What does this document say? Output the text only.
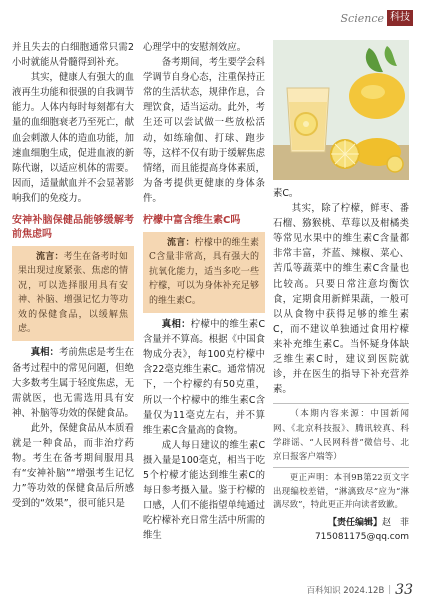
Science 科技

并且失去的白细胞通常只需2小时就能从骨髓得到补充。

其实，健康人有强大的血液再生功能和很强的自我调节能力。人体内每时每刻都有大量的血细胞衰老乃至死亡，献血会刺激人体的造血功能，加速血细胞生成，促进血液的新陈代谢，以适应机体的需要。因而，适量献血并不会显著影响我们的免疫力。

安神补脑保健品能够缓解考前焦虑吗

流言：考生在备考时如果出现过度紧张、焦虑的情况，可以选择服用具有安神、补脑、增强记忆力等功效的保健食品，以缓解焦虑。

真相：考前焦虑是考生在备考过程中的常见问题，但绝大多数考生属于轻度焦虑，无需就医，也无需选用具有安神、补脑等功效的保健食品。

此外，保健食品从本质看就是一种食品，而非治疗药物。考生在备考期间服用具有“安神补脑”“增强考生记忆力”等功效的保健食品后所感受到的“效果”，很可能只是

心理学中的安慰剂效应。

备考期间，考生要学会科学调节自身心态，注重保持正常的生活状态，规律作息，合理饮食，适当运动。此外，考生还可以尝试做一些放松活动，如练瑜伽、打球、跑步等，这样不仅有助于缓解焦虑情绪，而且能提高身体素质，为备考提供更健康的身体条件。

柠檬中富含维生素C吗

流言：柠檬中的维生素C含量非常高，具有强大的抗氧化能力，适当多吃一些柠檬，可以为身体补充足够的维生素C。

真相：柠檬中的维生素C含量并不算高。根据《中国食物成分表》，每100克柠檬中含22毫克维生素C。通常情况下，一个柠檬约有50克重，所以一个柠檬中的维生素C含量仅为11毫克左右，并不算维生素C含量高的食物。

成人每日建议的维生素C摄入量是100毫克，相当于吃5个柠檬才能达到维生素C的每日参考摄入量。鉴于柠檬的口感，人们不能指望单纯通过吃柠檬补充日常生活中所需的维生

素C。

其实，除了柠檬，鲜枣、番石榴、猕猴桃、草莓以及柑橘类等常见水果中的维生素C含量都非常丰富，芥蓝、辣椒、菜心、苦瓜等蔬菜中的维生素C含量也比较高。只要日常注意均衡饮食，定期食用新鲜果蔬，一般可以从食物中获得足够的维生素C，而不建议单独通过食用柠檬来补充维生素C。当怀疑身体缺乏维生素C时，建议到医院就诊，并在医生的指导下补充营养素。

（本期内容来源：中国新闻网、《北京科技报》、腾讯较真、科学辟谣、“人民网科普”微信号、北京日报客户端等）

更正声明：本刊9B第22页文字出现编校差错，“淋漓致尽”应为“淋漓尽致”，特此更正并向读者致歉。

【责任编辑】赵　菲
715081175@qq.com
百科知识 2024.12B | 33
